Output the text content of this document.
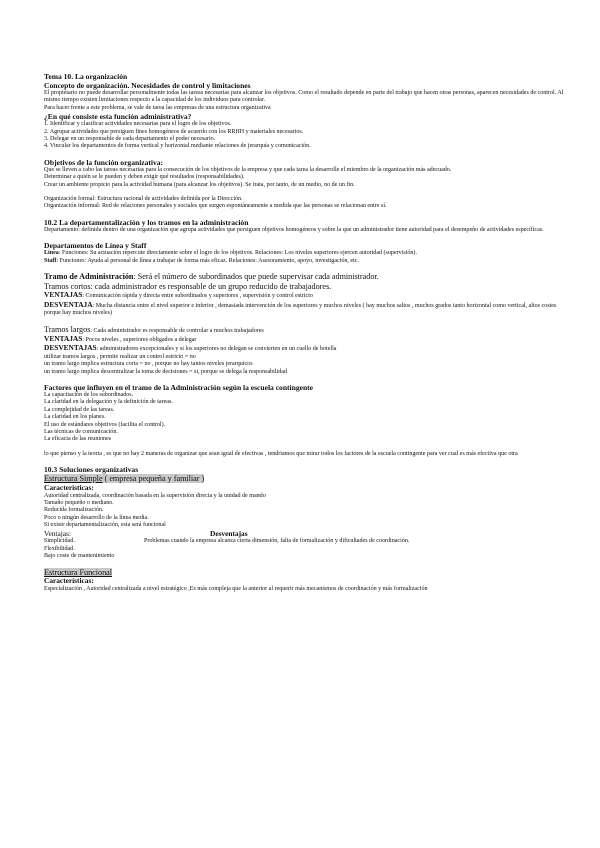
Tema 10. La organización

Concepto de organización. Necesidades de control y limitaciones

El propietario no puede desarrollar personalmente todas las tareas necesarias para alcanzar los objetivos. Como el resultado depende en parte del trabajo que hacen otras personas, aparecen necesidades de control. Al mismo tiempo existen limitaciones respecto a la capacidad de los individuos para controlar.

Para hacer frente a este problema, se vale de tarea las empresas de una estructura organizativa

¿En qué consiste esta función administrativa?

1. Identificar y clasificar actividades necesarias para el logro de los objetivos.

2. Agrupar actividades que persiguen fines homogéneos de acuerdo con los RRHH y materiales necesarios.

3. Delegar en un responsable de cada departamento el poder necesario.

4. Vincular los departamentos de forma vertical y horizontal mediante relaciones de jerarquía y comunicación.

Objetivos de la función organizativa:

Que se lleven a cabo las tareas necesarias para la consecución de los objetivos de la empresa y que cada tarea la desarrolle el miembro de la organización más adecuado.

Determinar a quién se le pueden y deben exigir qué resultados (responsabilidades).

Crear un ambiente propicio para la actividad humana (para alcanzar los objetivos). Se trata, por tanto, de un medio, no de un fin.

Organización formal: Estructura racional de actividades definida por la Dirección.

Organización informal: Red de relaciones personales y sociales que surgen espontáneamente a medida que las personas se relacionan entre sí.

10.2 La departamentalización y los tramos en la administración

Departamento: definida dentro de una organización que agrupa actividades que persiguen objetivos homogéneos y sobre la que un administrador tiene autoridad para el desempeño de actividades específicas.

Departamentos de Línea y Staff

Línea: Funciones: Su actuación repercute directamente sobre el logro de los objetivos. Relaciones: Los niveles superiores ejercen autoridad (supervisión).

Staff: Funciones: Ayuda al personal de línea a trabajar de forma más eficaz. Relaciones: Asesoramiento, apoyo, investigación, etc.

Tramo de Administración: Será el número de subordinados que puede supervisar cada administrador.

Tramos cortos: cada administrador es responsable de un grupo reducido de trabajadores.

VENTAJAS: Comunicación rápida y directa entre subordinados y superiores , supervisión y control estricto

DESVENTAJA: Mucha distancia entre el nivel superior e inferior , demasiada intervención de los superiores y muchos niveles ( hay muchos saltos , muchos grados tanto horizontal como vertical, altos costes porque hay muchos niveles)

Tramos largos: Cada administrador es responsable de controlar a muchos trabajadores

VENTAJAS: Pocos niveles , superiores obligados a delegar

DESVENTAJAS: administradores excepcionales y si los superiores no delegan se convierten en un cuello de botella

utilizar tramos largos , permite realizar un control estricto = no

un tramo largo implica estructura corta = no , porque no hay tantos niveles jerarquicos

un tramo largo implica descentralizar la toma de decisiones = si, porque se delega la responsabilidad

Factores que influyen en el tramo de la Administración según la escuela contingente

La capacitación de los subordinados.

La claridad en la delegación y la definición de tareas.

La complejidad de las tareas.

La claridad en los planes.

El uso de estándares objetivos (facilita el control).

Las técnicas de comunicación.

La eficacia de las reuniones

lo que pienso y la teoria , es que no hay 2 maneras de organizar que sean igual de efectivas , tendriamos que mirar todos los factores de la escuela contingente para ver cual es más efectiva que otra

10.3 Soluciones organizativas

Estructura Simple ( empresa pequeña y familiar )

Características:

Autoridad centralizada, coordinación basada en la supervisión directa y la unidad de mando

Tamaño pequeño o mediano.

Reducida formalización.

Poco o ningún desarrollo de la línea media.

Si existe departamentalización, esta será funcional

Ventajas:	Desventajas

Simplicidad.	Problemas cuando la empresa alcanza cierta dimensión, falta de formalización y dificultades de coordinación.

Flexibilidad.

Bajo coste de mantenimiento

Estructura Funcional

Características:

Especialización , Autoridad centralizada a nivel estratégico ,Es más compleja que la anterior al requerir más mecanismos de coordinación y más formalización
